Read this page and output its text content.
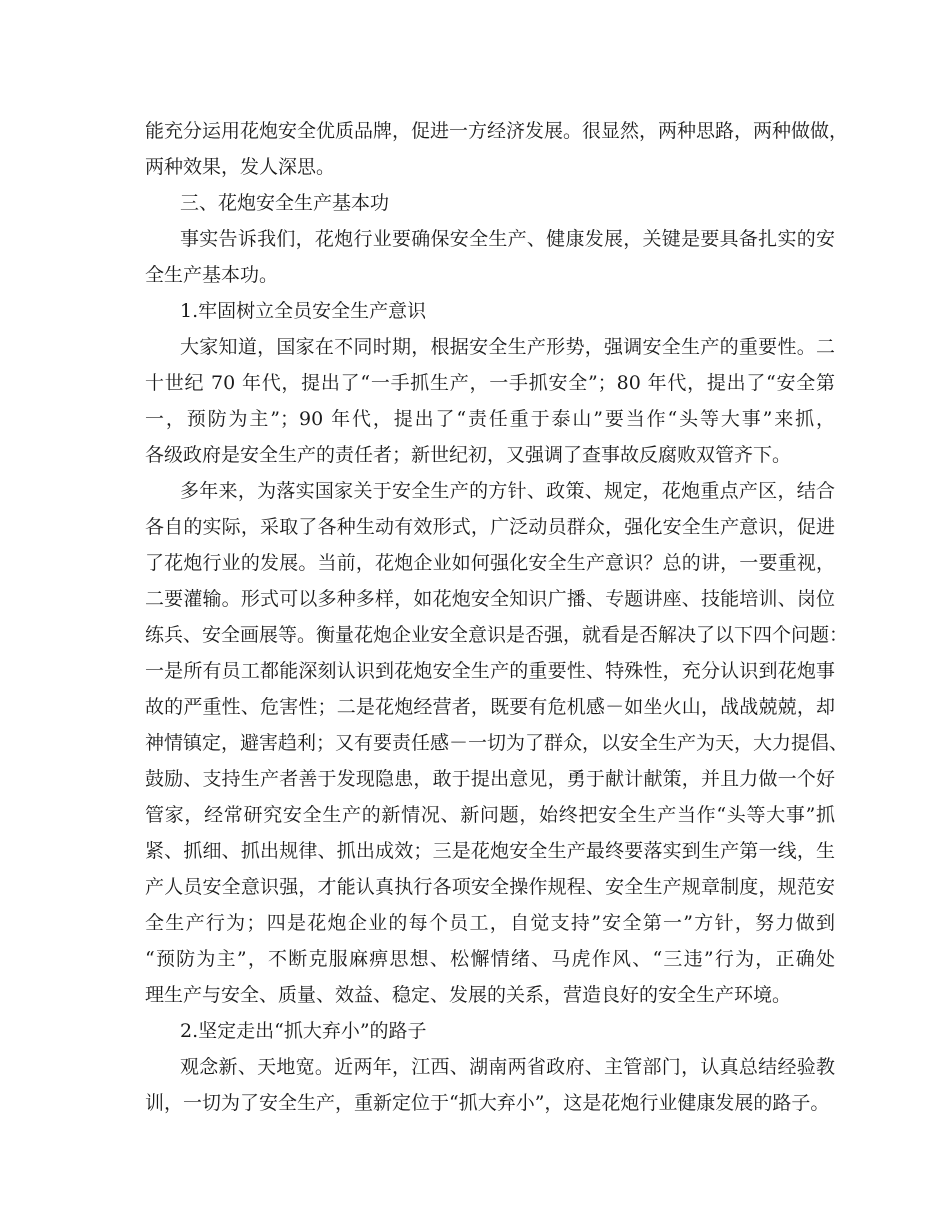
能充分运用花炮安全优质品牌，促进一方经济发展。很显然，两种思路，两种做做，

两种效果，发人深思。

三、花炮安全生产基本功

事实告诉我们，花炮行业要确保安全生产、健康发展，关键是要具备扎实的安

全生产基本功。

1.牢固树立全员安全生产意识

大家知道，国家在不同时期，根据安全生产形势，强调安全生产的重要性。二

十世纪 70 年代，提出了“一手抓生产，一手抓安全”；80 年代，提出了“安全第

一，预防为主”；90 年代，提出了“责任重于泰山”要当作“头等大事”来抓，

各级政府是安全生产的责任者；新世纪初，又强调了查事故反腐败双管齐下。

多年来，为落实国家关于安全生产的方针、政策、规定，花炮重点产区，结合

各自的实际，采取了各种生动有效形式，广泛动员群众，强化安全生产意识，促进

了花炮行业的发展。当前，花炮企业如何强化安全生产意识？总的讲，一要重视，

二要灌输。形式可以多种多样，如花炮安全知识广播、专题讲座、技能培训、岗位

练兵、安全画展等。衡量花炮企业安全意识是否强，就看是否解决了以下四个问题：

一是所有员工都能深刻认识到花炮安全生产的重要性、特殊性，充分认识到花炮事

故的严重性、危害性；二是花炮经营者，既要有危机感－如坐火山，战战兢兢，却

神情镇定，避害趋利；又有要责任感－一切为了群众，以安全生产为天，大力提倡、

鼓励、支持生产者善于发现隐患，敢于提出意见，勇于献计献策，并且力做一个好

管家，经常研究安全生产的新情况、新问题，始终把安全生产当作“头等大事”抓

紧、抓细、抓出规律、抓出成效；三是花炮安全生产最终要落实到生产第一线，生

产人员安全意识强，才能认真执行各项安全操作规程、安全生产规章制度，规范安

全生产行为；四是花炮企业的每个员工，自觉支持”安全第一”方针，努力做到

“预防为主”，不断克服麻痹思想、松懈情绪、马虎作风、“三违”行为，正确处

理生产与安全、质量、效益、稳定、发展的关系，营造良好的安全生产环境。

2.坚定走出“抓大弃小”的路子

观念新、天地宽。近两年，江西、湖南两省政府、主管部门，认真总结经验教

训，一切为了安全生产，重新定位于“抓大弃小”，这是花炮行业健康发展的路子。
